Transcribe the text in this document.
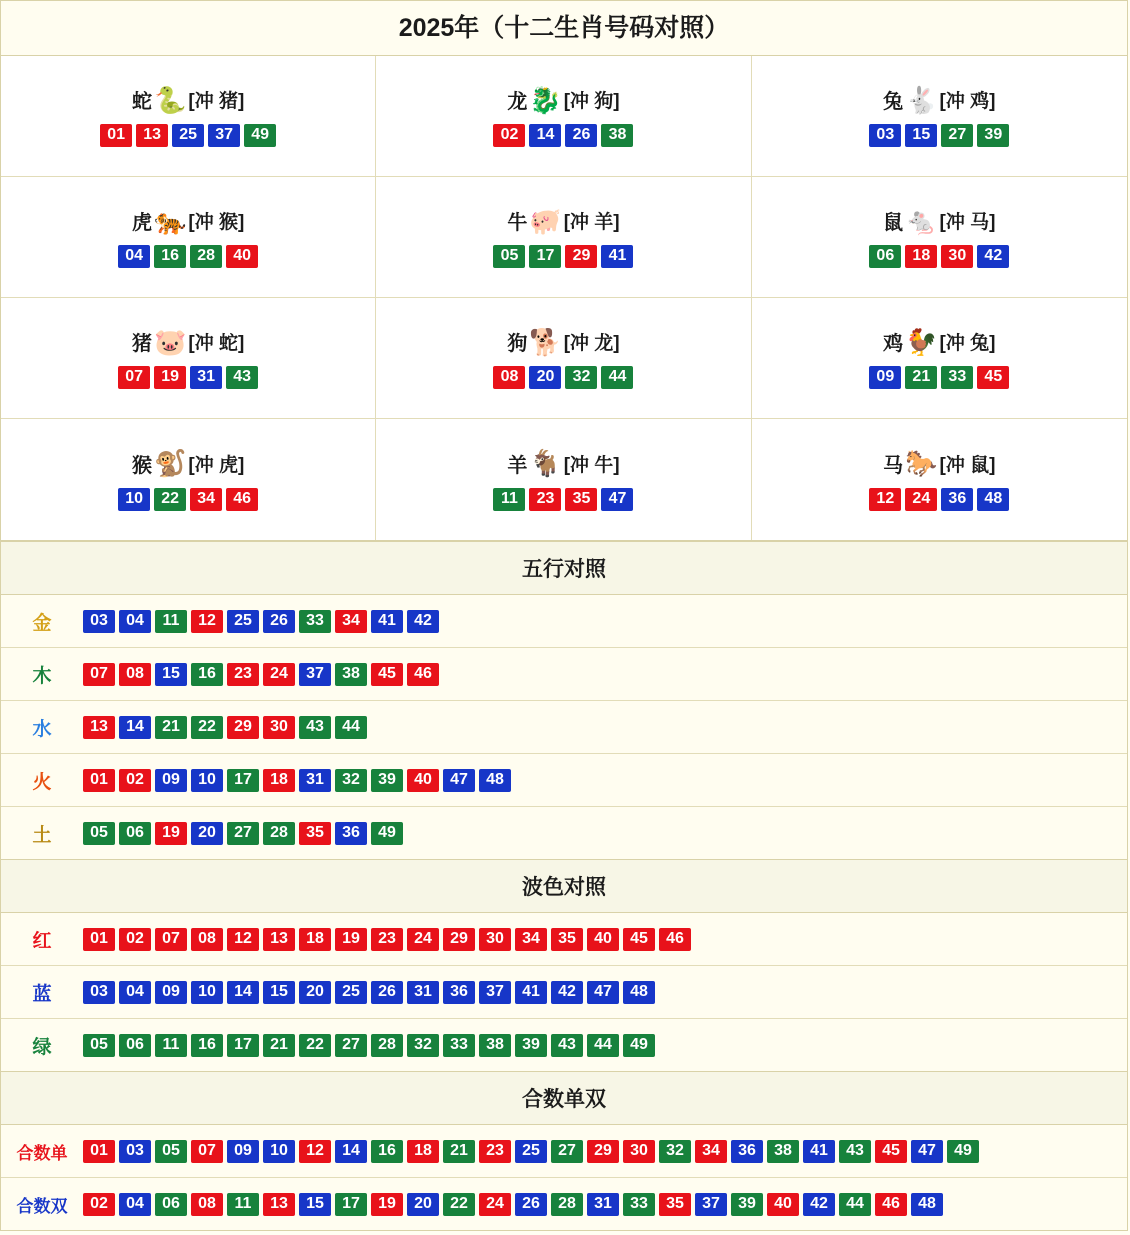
2025年（十二生肖号码对照）
蛇 🐍 [冲 猪]
01	13	25	37	49
龙 🐉 [冲 狗]
02	14	26	38
兔 🐇 [冲 鸡]
03	15	27	39
虎 🐅 [冲 猴]
04	16	28	40
牛 🐖 [冲 羊]
05	17	29	41
鼠 🐁 [冲 马]
06	18	30	42
猪 🐷 [冲 蛇]
07	19	31	43
狗 🐕 [冲 龙]
08	20	32	44
鸡 🐓 [冲 兔]
09	21	33	45
猴 🐒 [冲 虎]
10	22	34	46
羊 🐐 [冲 牛]
11	23	35	47
马 🐎 [冲 鼠]
12	24	36	48
五行对照
金	03	04	11	12	25	26	33	34	41	42
木	07	08	15	16	23	24	37	38	45	46
水	13	14	21	22	29	30	43	44
火	01	02	09	10	17	18	31	32	39	40	47	48
土	05	06	19	20	27	28	35	36	49
波色对照
红	01	02	07	08	12	13	18	19	23	24	29	30	34	35	40	45	46
蓝	03	04	09	10	14	15	20	25	26	31	36	37	41	42	47	48
绿	05	06	11	16	17	21	22	27	28	32	33	38	39	43	44	49
合数单双
合数单	01	03	05	07	09	10	12	14	16	18	21	23	25	27	29	30	32	34	36	38	41	43	45	47	49
合数双	02	04	06	08	11	13	15	17	19	20	22	24	26	28	31	33	35	37	39	40	42	44	46	48
